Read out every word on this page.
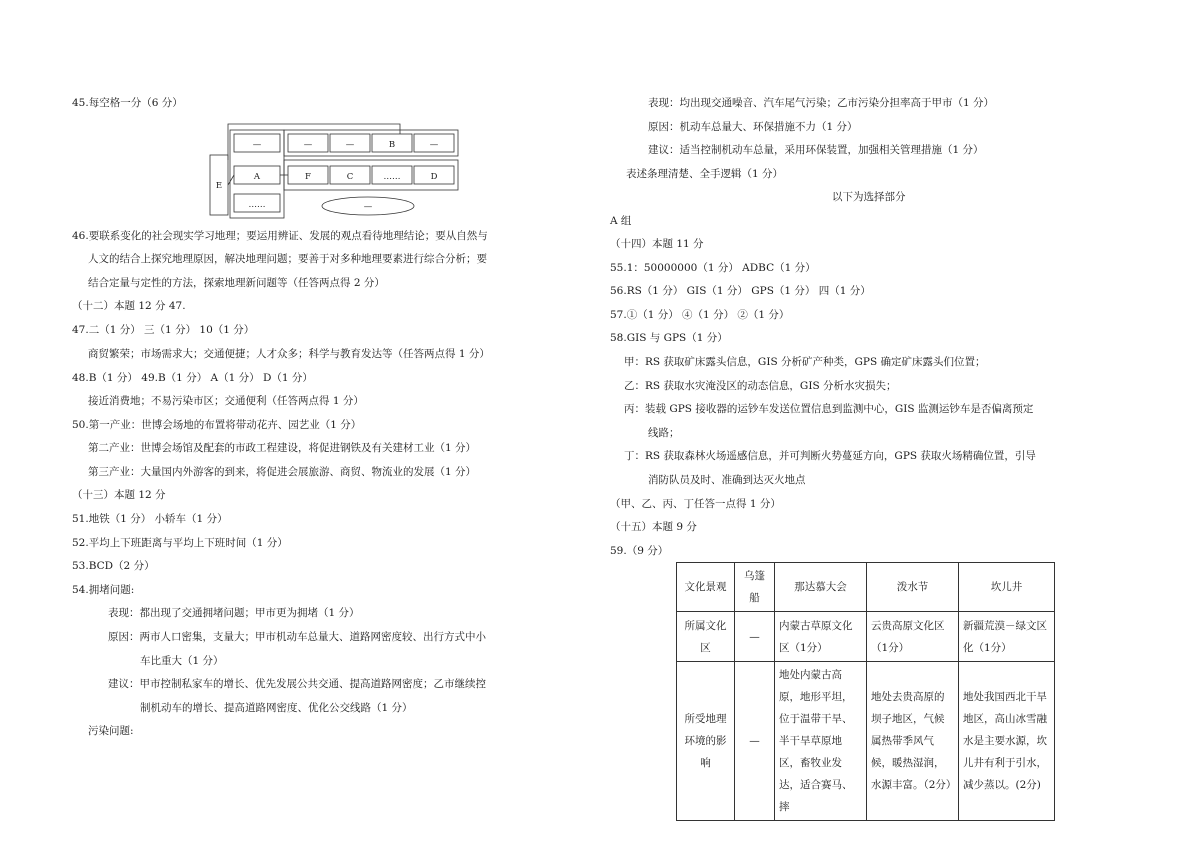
45.每空格一分（6 分）
E
—
A
……
—	—	B	—
F	C	……	D
—
46.要联系变化的社会现实学习地理；要运用辨证、发展的观点看待地理结论；要从自然与
人文的结合上探究地理原因，解决地理问题；要善于对多种地理要素进行综合分析；要
结合定量与定性的方法，探索地理新问题等（任答两点得 2 分）
（十二）本题 12 分 47.
47.二（1 分） 三（1 分） 10（1 分）
商贸繁荣；市场需求大；交通便捷；人才众多；科学与教育发达等（任答两点得 1 分）
48.B（1 分） 49.B（1 分） A（1 分） D（1 分）
接近消费地；不易污染市区；交通便利（任答两点得 1 分）
50.第一产业：世博会场地的布置将带动花卉、园艺业（1 分）
第二产业：世博会场馆及配套的市政工程建设，将促进钢铁及有关建材工业（1 分）
第三产业：大量国内外游客的到来，将促进会展旅游、商贸、物流业的发展（1 分）
（十三）本题 12 分
51.地铁（1 分） 小轿车（1 分）
52.平均上下班距离与平均上下班时间（1 分）
53.BCD（2 分）
54.拥堵问题:
表现：都出现了交通拥堵问题；甲市更为拥堵（1 分）
原因：两市人口密集，支量大；甲市机动车总量大、道路网密度较、出行方式中小
车比重大（1 分）
建议：甲市控制私家车的增长、优先发展公共交通、提高道路网密度；乙市继续控
制机动车的增长、提高道路网密度、优化公交线路（1 分）
污染问题:
表现：均出现交通噪音、汽车尾气污染；乙市污染分担率高于甲市（1 分）
原因：机动车总量大、环保措施不力（1 分）
建议：适当控制机动车总量，采用环保装置，加强相关管理措施（1 分）
表述条理清楚、全手逻辑（1 分）
以下为选择部分
A 组
（十四）本题 11 分
55.1：50000000（1 分） ADBC（1 分）
56.RS（1 分） GIS（1 分） GPS（1 分） 四（1 分）
57.①（1 分） ④（1 分） ②（1 分）
58.GIS 与 GPS（1 分）
甲：RS 获取矿床露头信息，GIS 分析矿产种类，GPS 确定矿床露头们位置；
乙：RS 获取水灾淹没区的动态信息，GIS 分析水灾损失；
丙：装载 GPS 接收器的运钞车发送位置信息到监测中心，GIS 监测运钞车是否偏离预定
线路；
丁：RS 获取森林火场遥感信息，并可判断火势蔓延方向，GPS 获取火场精确位置，引导
消防队员及时、准确到达灭火地点
（甲、乙、丙、丁任答一点得 1 分）
（十五）本题 9 分
59.（9 分）
文化景观	乌篷船	那达慕大会	泼水节	坎儿井
所属文化区	—	内蒙古草原文化区（1分）	云贵高原文化区（1分）	新疆荒漠－绿文区化（1分）
所受地理环境的影响	—	地处内蒙古高原，地形平坦，位于温带干旱、半干旱草原地区，畜牧业发达，适合赛马、摔	地处去贵高原的坝子地区，气候属热带季风气候，暖热湿润，水源丰富。（2分）	地处我国西北干旱地区，高山冰雪融水是主要水源，坎儿井有利于引水，减少蒸以。(2分)
